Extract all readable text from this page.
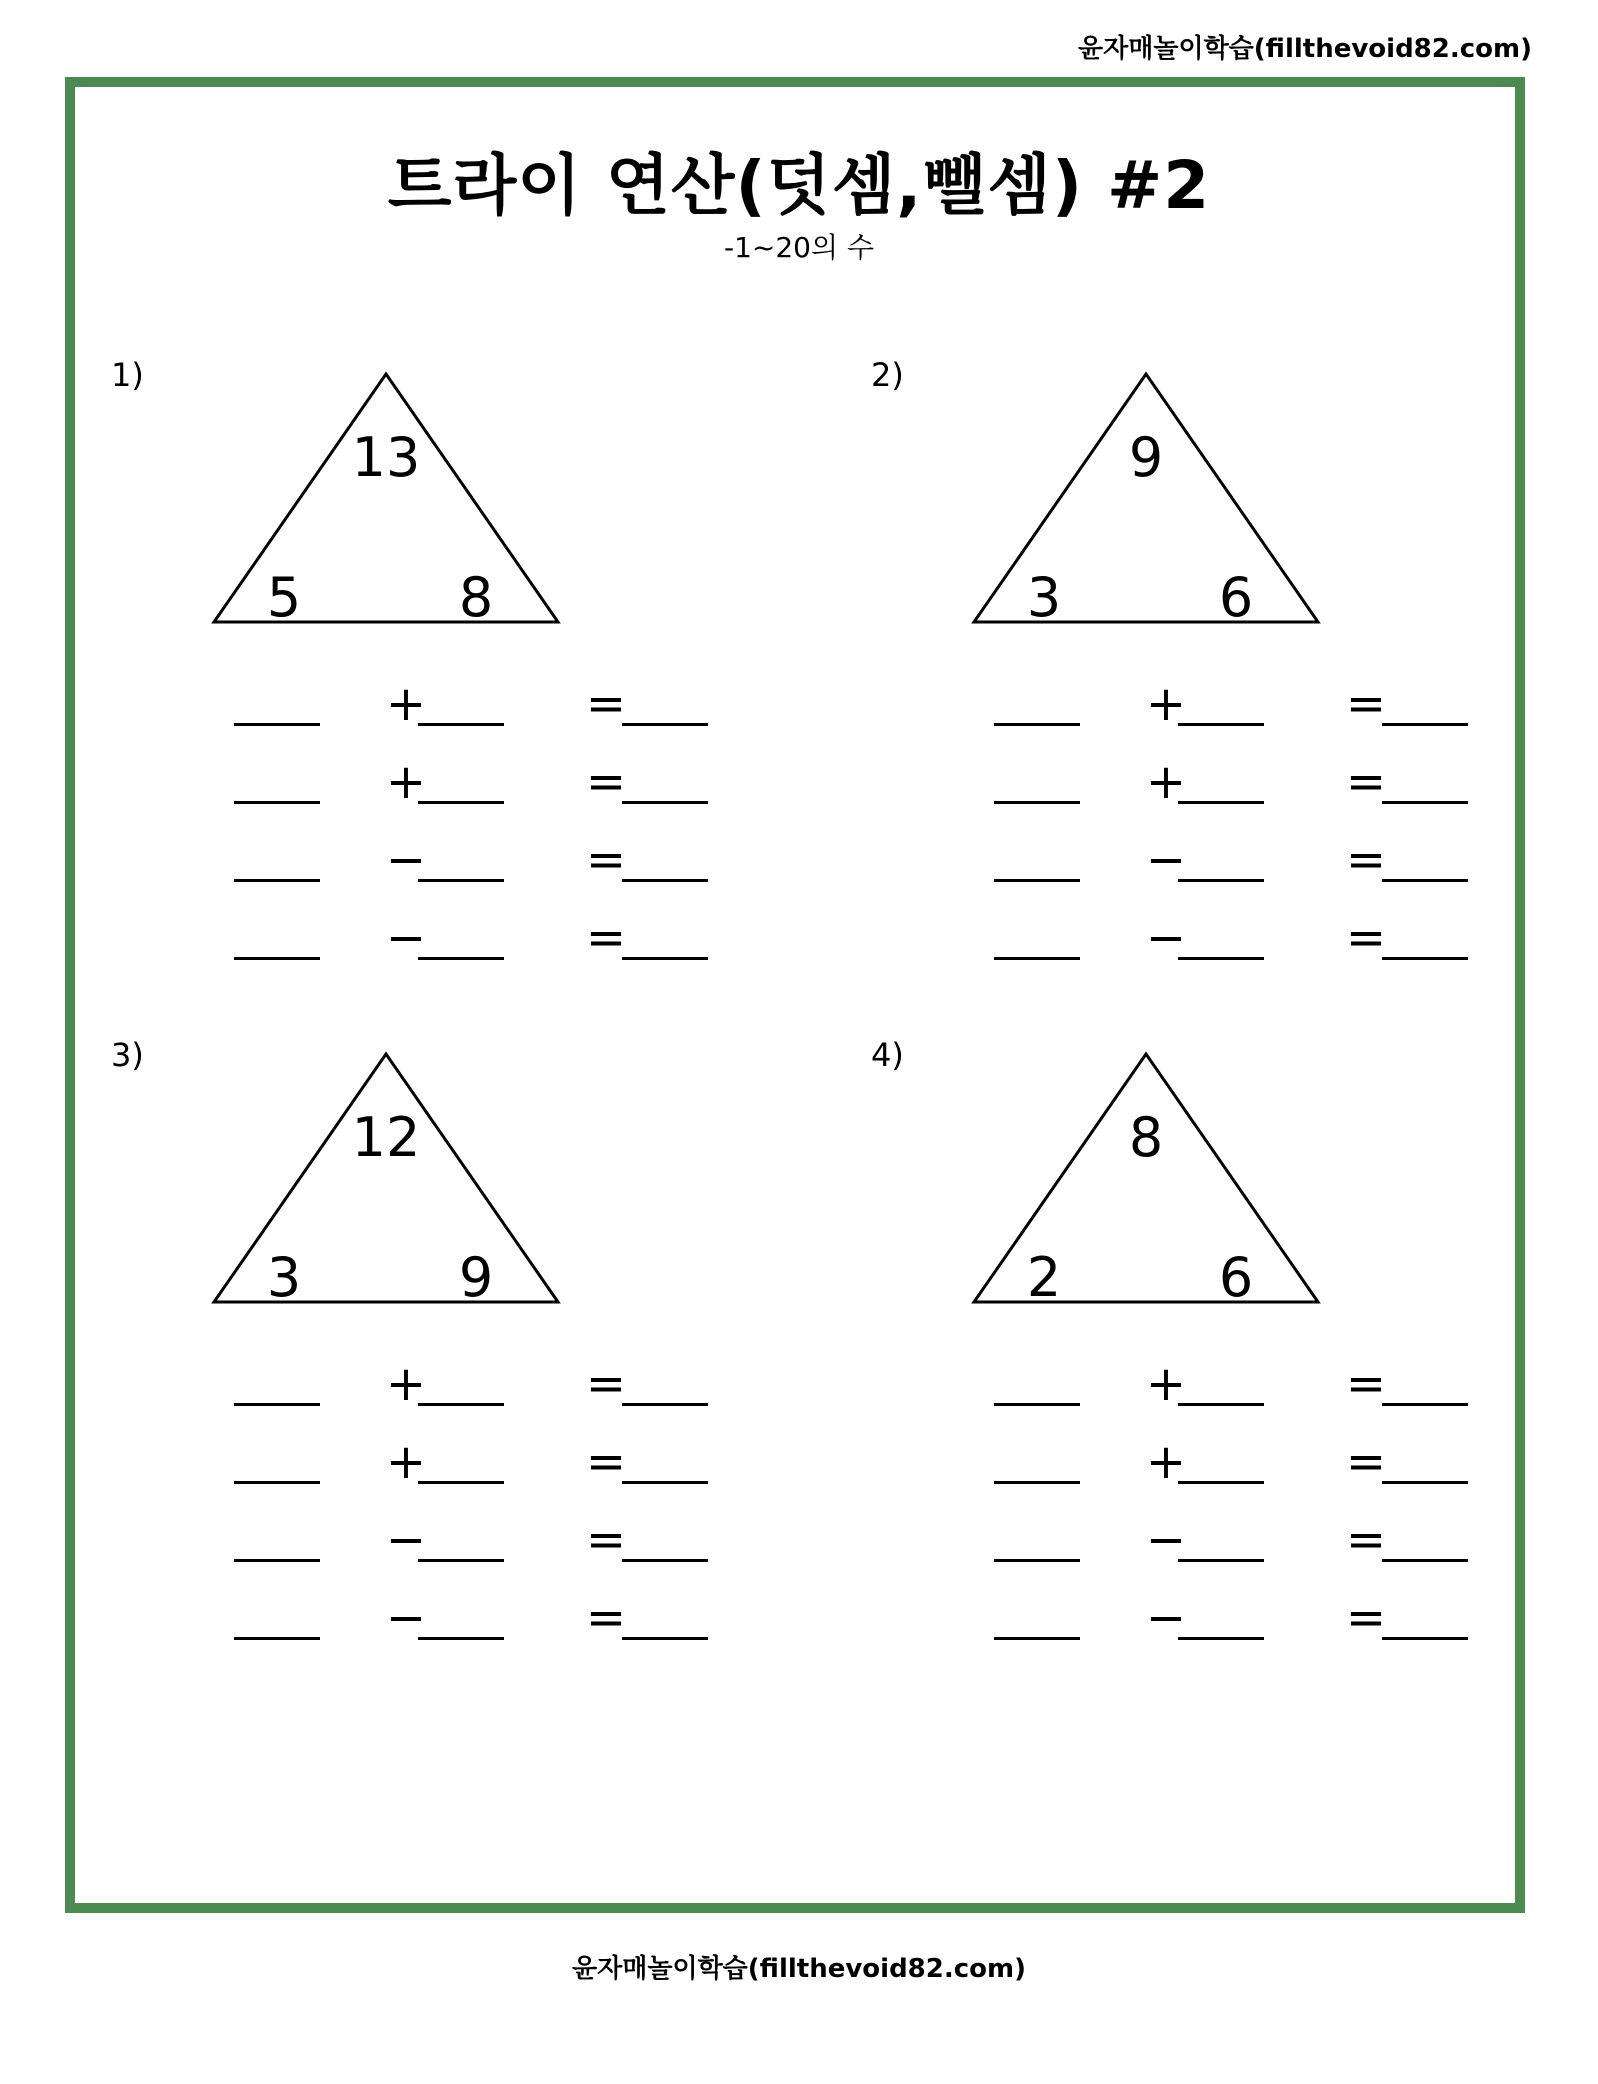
윤자매놀이학습(fillthevoid82.com)
트라이 연산(덧셈,뺄셈) #2
-1~20의 수
1)
13
5	8
+	=
+	=
−	=
−	=
2)
9
3	6
+	=
+	=
−	=
−	=
3)
12
3	9
+	=
+	=
−	=
−	=
4)
8
2	6
+	=
+	=
−	=
−	=
윤자매놀이학습(fillthevoid82.com)
